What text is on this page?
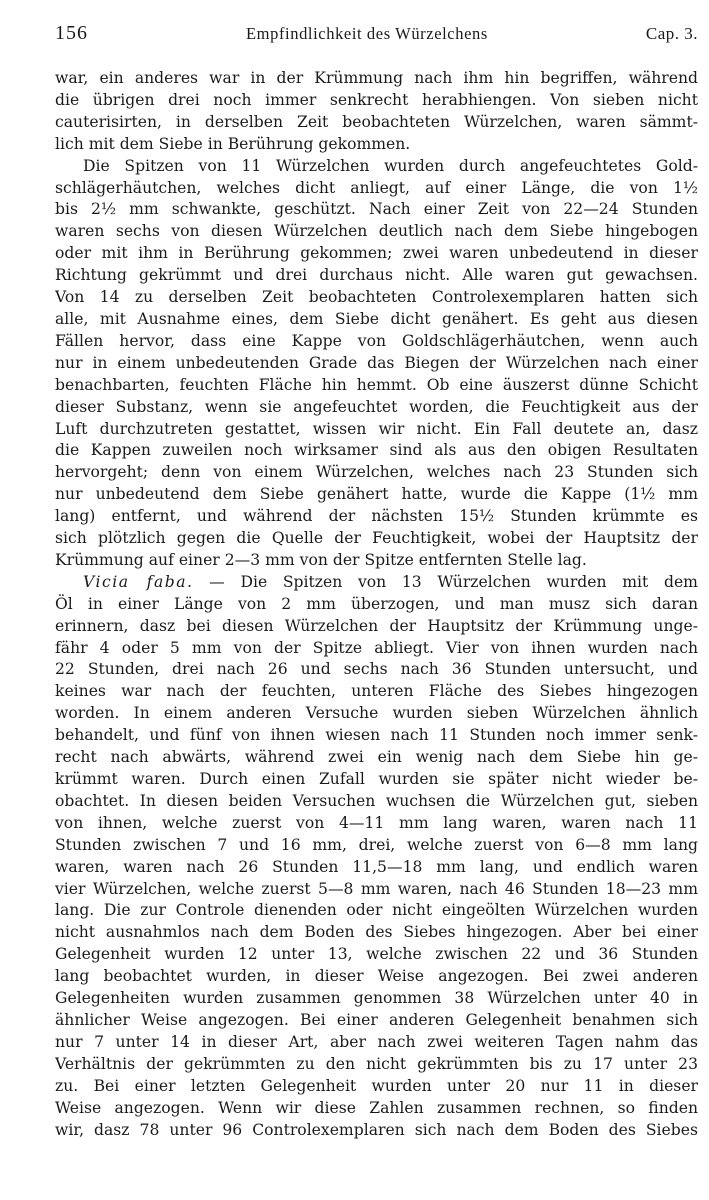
156	Empfindlichkeit des Würzelchens	Cap. 3.
war, ein anderes war in der Krümmung nach ihm hin begriffen, während
die übrigen drei noch immer senkrecht herabhiengen. Von sieben nicht
cauterisirten, in derselben Zeit beobachteten Würzelchen, waren sämmt-
lich mit dem Siebe in Berührung gekommen.
Die Spitzen von 11 Würzelchen wurden durch angefeuchtetes Gold-
schlägerhäutchen, welches dicht anliegt, auf einer Länge, die von 1½
bis 2½ mm schwankte, geschützt. Nach einer Zeit von 22—24 Stunden
waren sechs von diesen Würzelchen deutlich nach dem Siebe hingebogen
oder mit ihm in Berührung gekommen; zwei waren unbedeutend in dieser
Richtung gekrümmt und drei durchaus nicht. Alle waren gut gewachsen.
Von 14 zu derselben Zeit beobachteten Controlexemplaren hatten sich
alle, mit Ausnahme eines, dem Siebe dicht genähert. Es geht aus diesen
Fällen hervor, dass eine Kappe von Goldschlägerhäutchen, wenn auch
nur in einem unbedeutenden Grade das Biegen der Würzelchen nach einer
benachbarten, feuchten Fläche hin hemmt. Ob eine äuszerst dünne Schicht
dieser Substanz, wenn sie angefeuchtet worden, die Feuchtigkeit aus der
Luft durchzutreten gestattet, wissen wir nicht. Ein Fall deutete an, dasz
die Kappen zuweilen noch wirksamer sind als aus den obigen Resultaten
hervorgeht; denn von einem Würzelchen, welches nach 23 Stunden sich
nur unbedeutend dem Siebe genähert hatte, wurde die Kappe (1½ mm
lang) entfernt, und während der nächsten 15½ Stunden krümmte es
sich plötzlich gegen die Quelle der Feuchtigkeit, wobei der Hauptsitz der
Krümmung auf einer 2—3 mm von der Spitze entfernten Stelle lag.
Vicia faba. — Die Spitzen von 13 Würzelchen wurden mit dem
Öl in einer Länge von 2 mm überzogen, und man musz sich daran
erinnern, dasz bei diesen Würzelchen der Hauptsitz der Krümmung unge-
fähr 4 oder 5 mm von der Spitze abliegt. Vier von ihnen wurden nach
22 Stunden, drei nach 26 und sechs nach 36 Stunden untersucht, und
keines war nach der feuchten, unteren Fläche des Siebes hingezogen
worden. In einem anderen Versuche wurden sieben Würzelchen ähnlich
behandelt, und fünf von ihnen wiesen nach 11 Stunden noch immer senk-
recht nach abwärts, während zwei ein wenig nach dem Siebe hin ge-
krümmt waren. Durch einen Zufall wurden sie später nicht wieder be-
obachtet. In diesen beiden Versuchen wuchsen die Würzelchen gut, sieben
von ihnen, welche zuerst von 4—11 mm lang waren, waren nach 11
Stunden zwischen 7 und 16 mm, drei, welche zuerst von 6—8 mm lang
waren, waren nach 26 Stunden 11,5—18 mm lang, und endlich waren
vier Würzelchen, welche zuerst 5—8 mm waren, nach 46 Stunden 18—23 mm
lang. Die zur Controle dienenden oder nicht eingeölten Würzelchen wurden
nicht ausnahmlos nach dem Boden des Siebes hingezogen. Aber bei einer
Gelegenheit wurden 12 unter 13, welche zwischen 22 und 36 Stunden
lang beobachtet wurden, in dieser Weise angezogen. Bei zwei anderen
Gelegenheiten wurden zusammen genommen 38 Würzelchen unter 40 in
ähnlicher Weise angezogen. Bei einer anderen Gelegenheit benahmen sich
nur 7 unter 14 in dieser Art, aber nach zwei weiteren Tagen nahm das
Verhältnis der gekrümmten zu den nicht gekrümmten bis zu 17 unter 23
zu. Bei einer letzten Gelegenheit wurden unter 20 nur 11 in dieser
Weise angezogen. Wenn wir diese Zahlen zusammen rechnen, so finden
wir, dasz 78 unter 96 Controlexemplaren sich nach dem Boden des Siebes
